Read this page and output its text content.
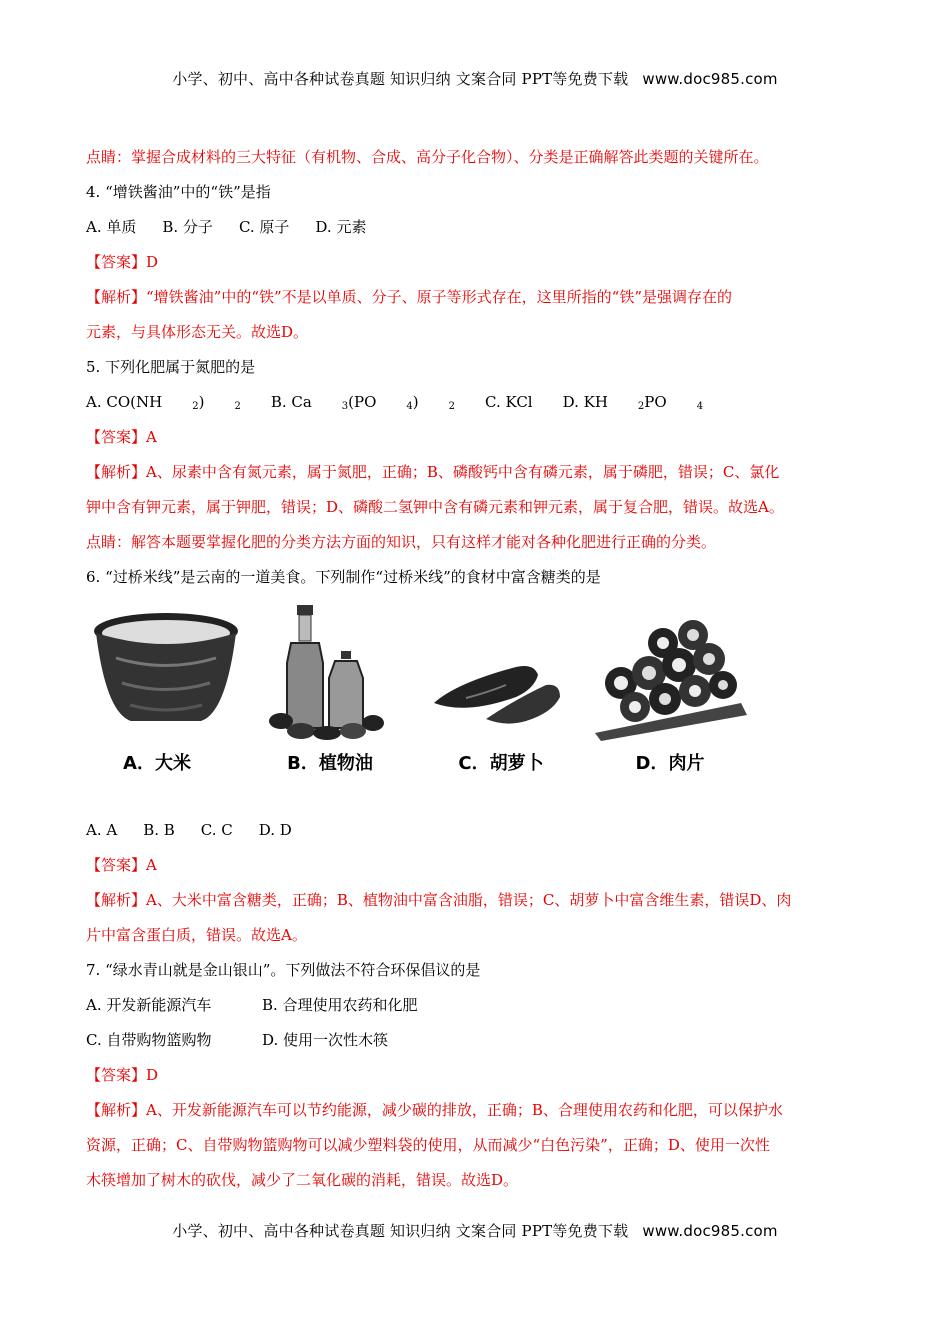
小学、初中、高中各种试卷真题 知识归纳 文案合同 PPT等免费下载 www.doc985.com
点睛：掌握合成材料的三大特征（有机物、合成、高分子化合物）、分类是正确解答此类题的关键所在。
4. “增铁酱油”中的“铁”是指
A. 单质 B. 分子 C. 原子 D. 元素
【答案】D
【解析】“增铁酱油”中的“铁”不是以单质、分子、原子等形式存在，这里所指的“铁”是强调存在的
元素，与具体形态无关。故选D。
5. 下列化肥属于氮肥的是
A. CO(NH	$_2$)	$_2$ B. Ca	$_3$(PO	$_4$)	$_2$ C. KCl D. KH	$_2$PO	$_4$
【答案】A
【解析】A、尿素中含有氮元素，属于氮肥，正确；B、磷酸钙中含有磷元素，属于磷肥，错误；C、氯化
钾中含有钾元素，属于钾肥，错误；D、磷酸二氢钾中含有磷元素和钾元素，属于复合肥，错误。故选A。
点睛：解答本题要掌握化肥的分类方法方面的知识，只有这样才能对各种化肥进行正确的分类。
6. “过桥米线”是云南的一道美食。下列制作“过桥米线”的食材中富含糖类的是
A．大米	B．植物油	C．胡萝卜	D．肉片
A. A B. B C. C D. D
【答案】A
【解析】A、大米中富含糖类，正确；B、植物油中富含油脂，错误；C、胡萝卜中富含维生素，错误D、肉
片中富含蛋白质，错误。故选A。
7. “绿水青山就是金山银山”。下列做法不符合环保倡议的是
A. 开发新能源汽车	B. 合理使用农药和化肥
C. 自带购物篮购物	D. 使用一次性木筷
【答案】D
【解析】A、开发新能源汽车可以节约能源，减少碳的排放，正确；B、合理使用农药和化肥，可以保护水
资源，正确；C、自带购物篮购物可以减少塑料袋的使用，从而减少“白色污染”，正确；D、使用一次性
木筷增加了树木的砍伐，减少了二氧化碳的消耗，错误。故选D。
小学、初中、高中各种试卷真题 知识归纳 文案合同 PPT等免费下载 www.doc985.com
